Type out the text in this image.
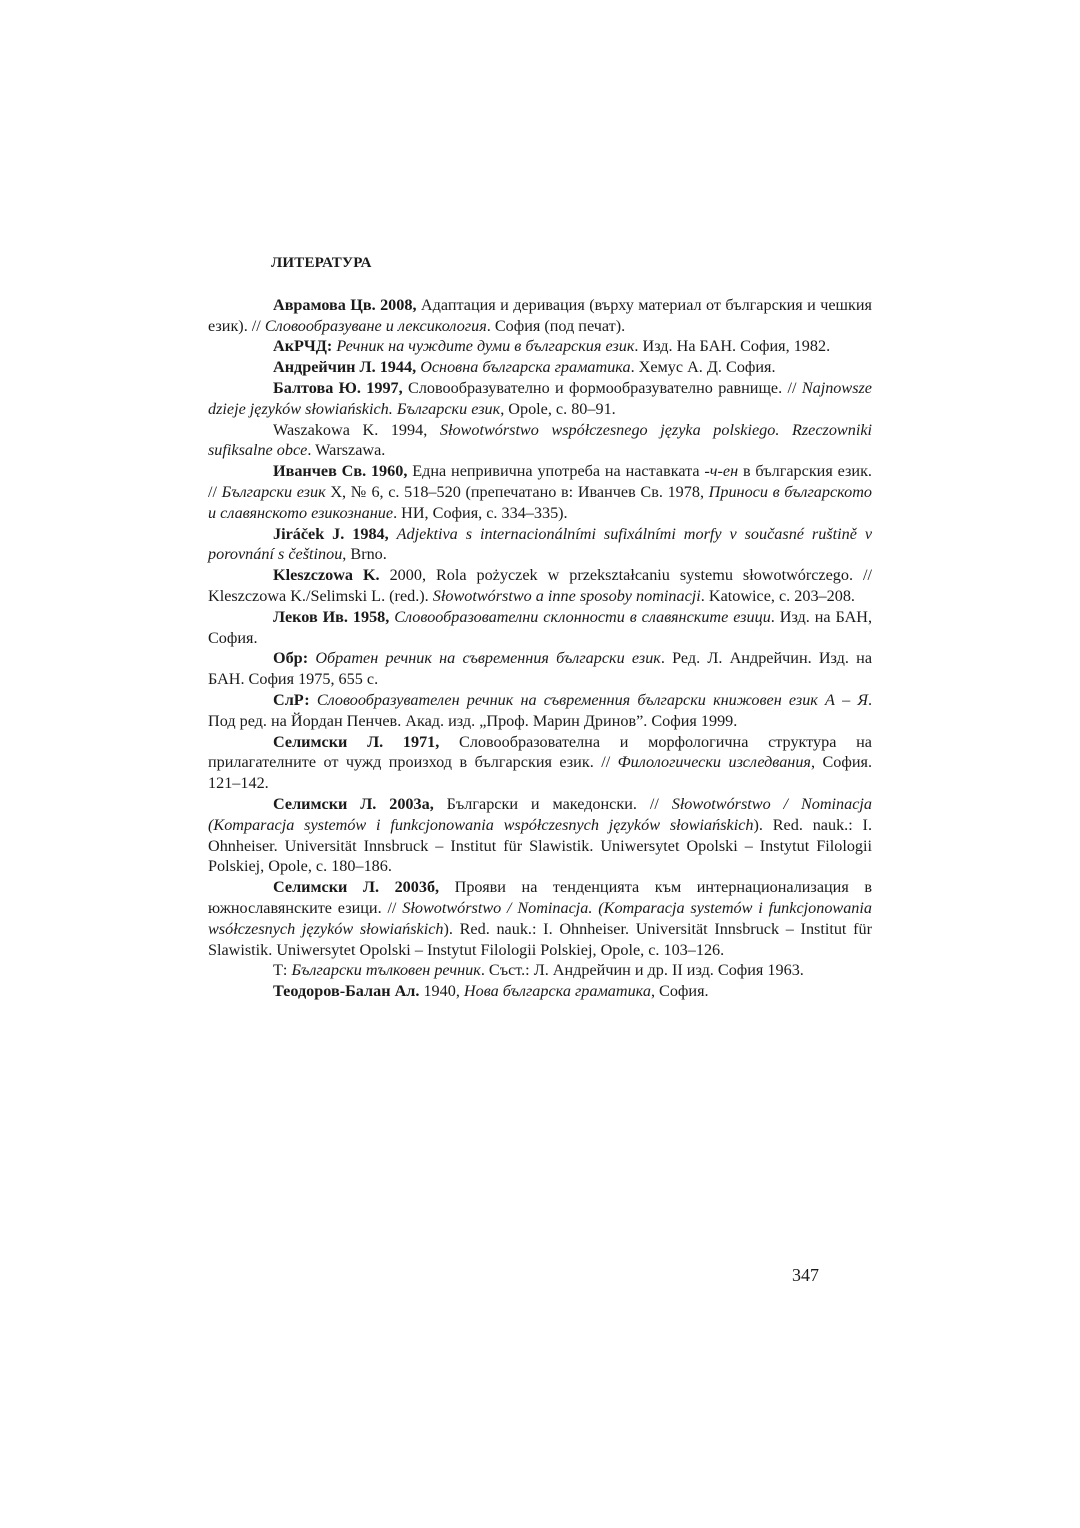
ЛИТЕРАТУРА

Аврамова Цв. 2008, Адаптация и деривация (върху материал от българския и чешкия език). // Словообразуване и лексикология. София (под печат).

АкРЧД: Речник на чуждите думи в българския език. Изд. На БАН. София, 1982.

Андрейчин Л. 1944, Основна българска граматика. Хемус А. Д. София.

Балтова Ю. 1997, Словообразувателно и формообразувателно равнище. // Najnowsze dzieje języków słowiańskich. Български език, Opole, с. 80–91.

Waszakowa K. 1994, Słowotwórstwo współczesnego języka polskiego. Rzeczowniki sufiksalne obce. Warszawa.

Иванчев Св. 1960, Една непривична употреба на наставката -ч-ен в българския език. // Български език Х, № 6, с. 518–520 (препечатано в: Иванчев Св. 1978, Приноси в българското и славянското езикознание. НИ, София, с. 334–335).

Jiráček J. 1984, Adjektiva s internacionálními sufixálními morfy v současné ruštině v porovnání s češtinou, Brno.

Kleszczowa K. 2000, Rola pożyczek w przekształcaniu systemu słowotwórczego. // Kleszczowa K./Selimski L. (red.). Słowotwórstwo a inne sposoby nominacji. Katowice, с. 203–208.

Леков Ив. 1958, Словообразователни склонности в славянските езици. Изд. на БАН, София.

Обр: Обратен речник на съвременния български език. Ред. Л. Андрейчин. Изд. на БАН. София 1975, 655 с.

СлР: Словообразувателен речник на съвременния български книжовен език А – Я. Под ред. на Йордан Пенчев. Акад. изд. „Проф. Марин Дринов”. София 1999.

Селимски Л. 1971, Словообразователна и морфологична структура на прилагателните от чужд произход в българския език. // Филологически изследвания, София. 121–142.

Селимски Л. 2003а, Български и македонски. // Słowotwórstwo / Nominacja (Komparacja systemów i funkcjonowania współczesnych języków słowiańskich). Red. nauk.: I. Ohnheiser. Universität Innsbruck – Institut für Slawistik. Uniwersytet Opolski – Instytut Filologii Polskiej, Opole, с. 180–186.

Селимски Л. 2003б, Прояви на тенденцията към интернационализация в южнославянските езици. // Słowotwórstwo / Nominacja. (Komparacja systemów i funkcjonowania wsółczesnych języków słowiańskich). Red. nauk.: I. Ohnheiser. Universität Innsbruck – Institut für Slawistik. Uniwersytet Opolski – Instytut Filologii Polskiej, Opole, с. 103–126.

Т: Български тълковен речник. Съст.: Л. Андрейчин и др. II изд. София 1963.

Теодоров-Балан Ал. 1940, Нова българска граматика, София.

347
